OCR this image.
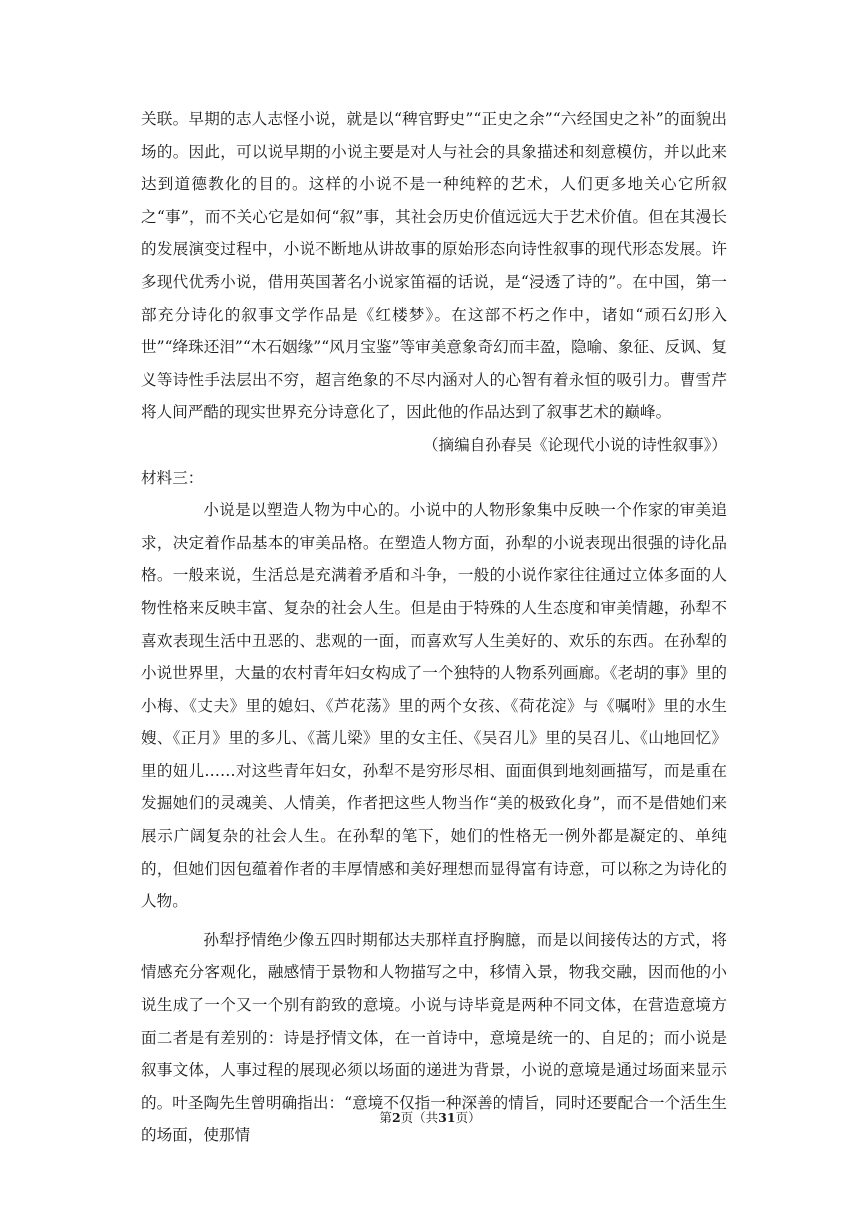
关联。早期的志人志怪小说，就是以“稗官野史”“正史之余”“六经国史之补”的面貌出场的。因此，可以说早期的小说主要是对人与社会的具象描述和刻意模仿，并以此来达到道德教化的目的。这样的小说不是一种纯粹的艺术，人们更多地关心它所叙之“事”，而不关心它是如何“叙”事，其社会历史价值远远大于艺术价值。但在其漫长的发展演变过程中，小说不断地从讲故事的原始形态向诗性叙事的现代形态发展。许多现代优秀小说，借用英国著名小说家笛福的话说，是“浸透了诗的”。在中国，第一部充分诗化的叙事文学作品是《红楼梦》。在这部不朽之作中，诸如“顽石幻形入世”“绛珠还泪”“木石姻缘”“风月宝鉴”等审美意象奇幻而丰盈，隐喻、象征、反讽、复义等诗性手法层出不穷，超言绝象的不尽内涵对人的心智有着永恒的吸引力。曹雪芹将人间严酷的现实世界充分诗意化了，因此他的作品达到了叙事艺术的巅峰。

（摘编自孙春吴《论现代小说的诗性叙事》）

材料三：

小说是以塑造人物为中心的。小说中的人物形象集中反映一个作家的审美追求，决定着作品基本的审美品格。在塑造人物方面，孙犁的小说表现出很强的诗化品格。一般来说，生活总是充满着矛盾和斗争，一般的小说作家往往通过立体多面的人物性格来反映丰富、复杂的社会人生。但是由于特殊的人生态度和审美情趣，孙犁不喜欢表现生活中丑恶的、悲观的一面，而喜欢写人生美好的、欢乐的东西。在孙犁的小说世界里，大量的农村青年妇女构成了一个独特的人物系列画廊。《老胡的事》里的小梅、《丈夫》里的媳妇、《芦花荡》里的两个女孩、《荷花淀》与《嘱咐》里的水生嫂、《正月》里的多儿、《蒿儿梁》里的女主任、《吴召儿》里的吴召儿、《山地回忆》里的妞儿……对这些青年妇女，孙犁不是穷形尽相、面面俱到地刻画描写，而是重在发掘她们的灵魂美、人情美，作者把这些人物当作“美的极致化身”，而不是借她们来展示广阔复杂的社会人生。在孙犁的笔下，她们的性格无一例外都是凝定的、单纯的，但她们因包蕴着作者的丰厚情感和美好理想而显得富有诗意，可以称之为诗化的人物。

孙犁抒情绝少像五四时期郁达夫那样直抒胸臆，而是以间接传达的方式，将情感充分客观化，融感情于景物和人物描写之中，移情入景，物我交融，因而他的小说生成了一个又一个别有韵致的意境。小说与诗毕竟是两种不同文体，在营造意境方面二者是有差别的：诗是抒情文体，在一首诗中，意境是统一的、自足的；而小说是叙事文体，人事过程的展现必须以场面的递进为背景，小说的意境是通过场面来显示的。叶圣陶先生曾明确指出：“意境不仅指一种深善的情旨，同时还要配合一个活生生的场面，使那情

第2页（共31页）
